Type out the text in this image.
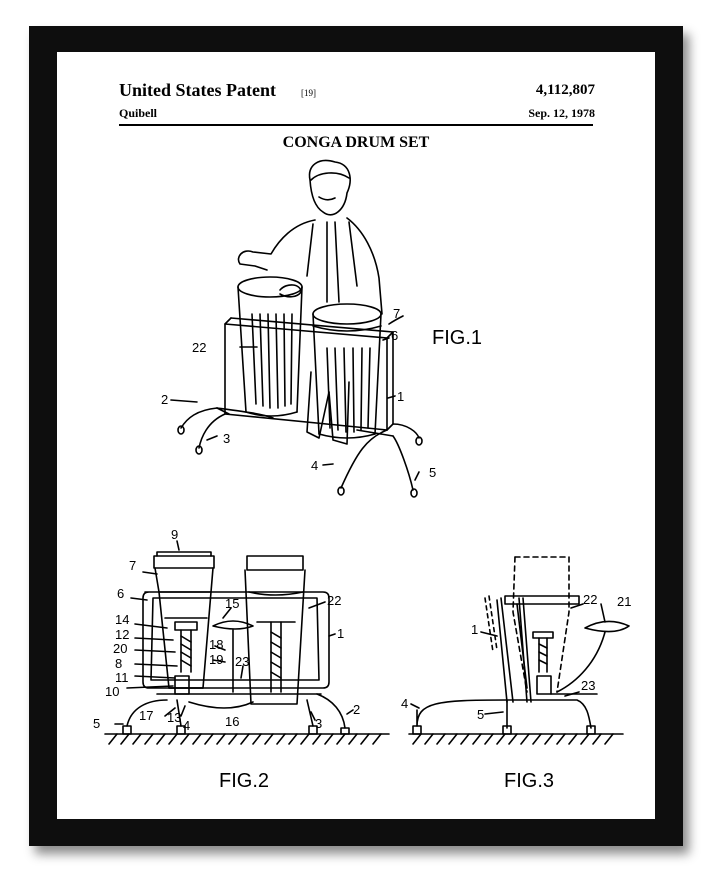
United States Patent	[19]	4,112,807
Quibell	Sep. 12, 1978
CONGA DRUM SET
FIG.1
FIG.2	FIG.3
22
7
6
1
2
3
4	5
9
7
6
14
12
20
8
11
10
5
17 13
4	16
15
18
19 23
22
1
2
3
1
22 21
23
4
5
